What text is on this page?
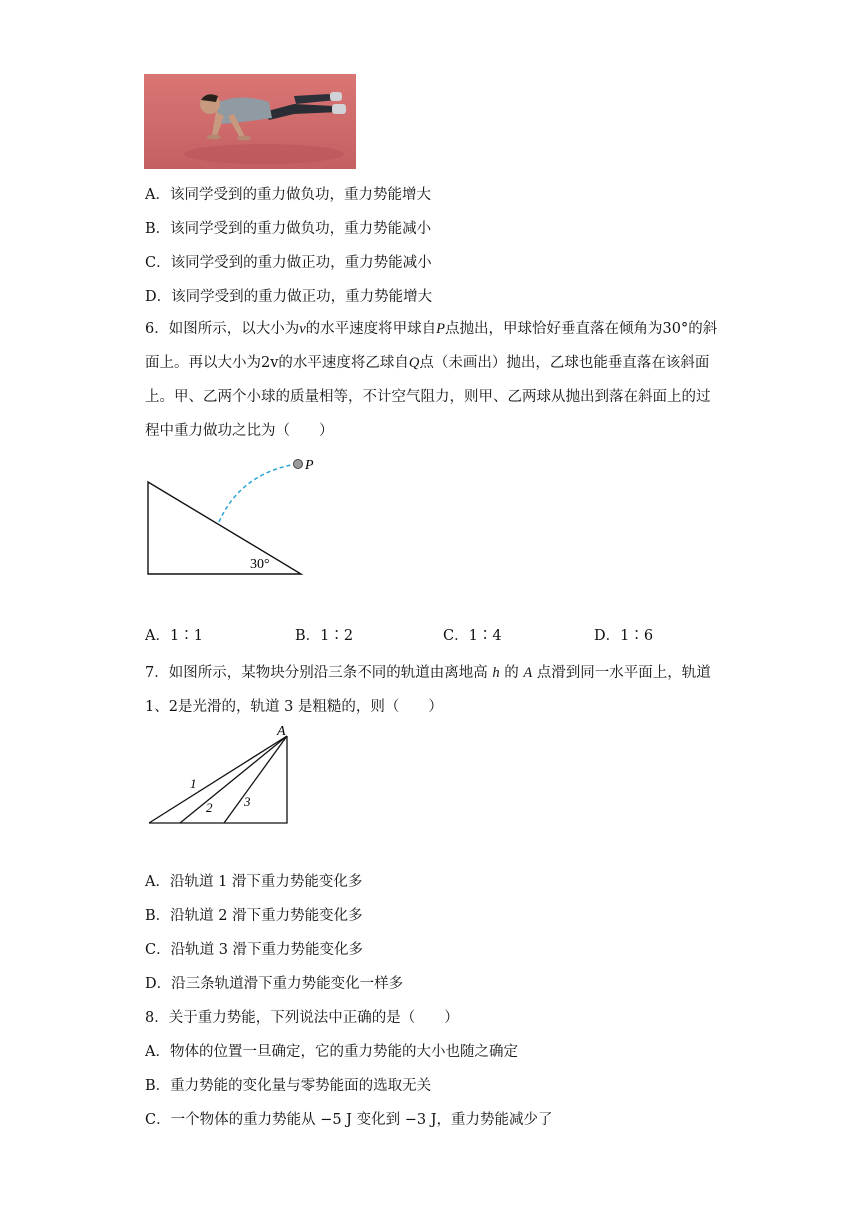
A．该同学受到的重力做负功，重力势能增大
B．该同学受到的重力做负功，重力势能减小
C．该同学受到的重力做正功，重力势能减小
D．该同学受到的重力做正功，重力势能增大
6．如图所示，以大小为v的水平速度将甲球自P点抛出，甲球恰好垂直落在倾角为30°的斜面上。再以大小为2v的水平速度将乙球自Q点（未画出）抛出，乙球也能垂直落在该斜面上。甲、乙两个小球的质量相等，不计空气阻力，则甲、乙两球从抛出到落在斜面上的过程中重力做功之比为（　　）
P
30°
A．1∶1	B．1∶2	C．1∶4	D．1∶6
7．如图所示，某物块分别沿三条不同的轨道由离地高 h 的 A 点滑到同一水平面上，轨道1、2是光滑的，轨道 3 是粗糙的，则（　　）
A
1
2 3
A．沿轨道 1 滑下重力势能变化多
B．沿轨道 2 滑下重力势能变化多
C．沿轨道 3 滑下重力势能变化多
D．沿三条轨道滑下重力势能变化一样多
8．关于重力势能，下列说法中正确的是（　　）
A．物体的位置一旦确定，它的重力势能的大小也随之确定
B．重力势能的变化量与零势能面的选取无关
C．一个物体的重力势能从 −5 J 变化到 −3 J，重力势能减少了
